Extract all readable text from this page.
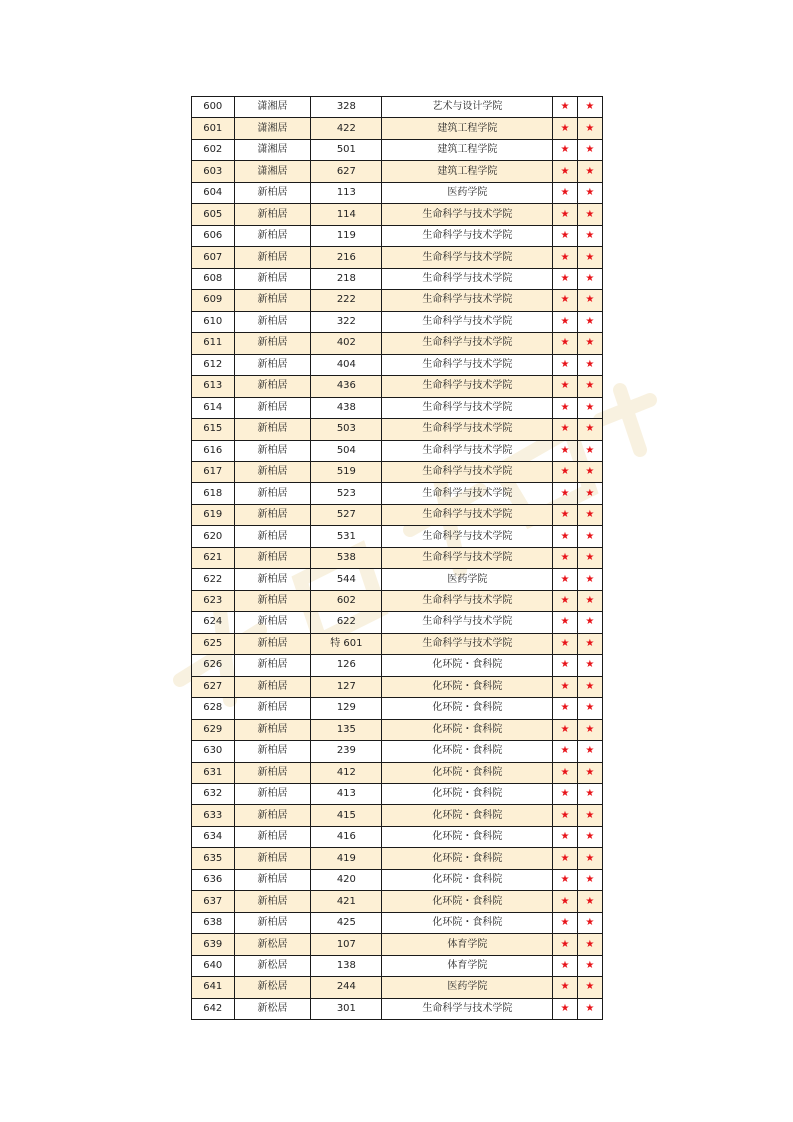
600	潇湘居	328	艺术与设计学院	★	★
601	潇湘居	422	建筑工程学院	★	★
602	潇湘居	501	建筑工程学院	★	★
603	潇湘居	627	建筑工程学院	★	★
604	新柏居	113	医药学院	★	★
605	新柏居	114	生命科学与技术学院	★	★
606	新柏居	119	生命科学与技术学院	★	★
607	新柏居	216	生命科学与技术学院	★	★
608	新柏居	218	生命科学与技术学院	★	★
609	新柏居	222	生命科学与技术学院	★	★
610	新柏居	322	生命科学与技术学院	★	★
611	新柏居	402	生命科学与技术学院	★	★
612	新柏居	404	生命科学与技术学院	★	★
613	新柏居	436	生命科学与技术学院	★	★
614	新柏居	438	生命科学与技术学院	★	★
615	新柏居	503	生命科学与技术学院	★	★
616	新柏居	504	生命科学与技术学院	★	★
617	新柏居	519	生命科学与技术学院	★	★
618	新柏居	523	生命科学与技术学院	★	★
619	新柏居	527	生命科学与技术学院	★	★
620	新柏居	531	生命科学与技术学院	★	★
621	新柏居	538	生命科学与技术学院	★	★
622	新柏居	544	医药学院	★	★
623	新柏居	602	生命科学与技术学院	★	★
624	新柏居	622	生命科学与技术学院	★	★
625	新柏居	特 601	生命科学与技术学院	★	★
626	新柏居	126	化环院・食科院	★	★
627	新柏居	127	化环院・食科院	★	★
628	新柏居	129	化环院・食科院	★	★
629	新柏居	135	化环院・食科院	★	★
630	新柏居	239	化环院・食科院	★	★
631	新柏居	412	化环院・食科院	★	★
632	新柏居	413	化环院・食科院	★	★
633	新柏居	415	化环院・食科院	★	★
634	新柏居	416	化环院・食科院	★	★
635	新柏居	419	化环院・食科院	★	★
636	新柏居	420	化环院・食科院	★	★
637	新柏居	421	化环院・食科院	★	★
638	新柏居	425	化环院・食科院	★	★
639	新松居	107	体育学院	★	★
640	新松居	138	体育学院	★	★
641	新松居	244	医药学院	★	★
642	新松居	301	生命科学与技术学院	★	★
